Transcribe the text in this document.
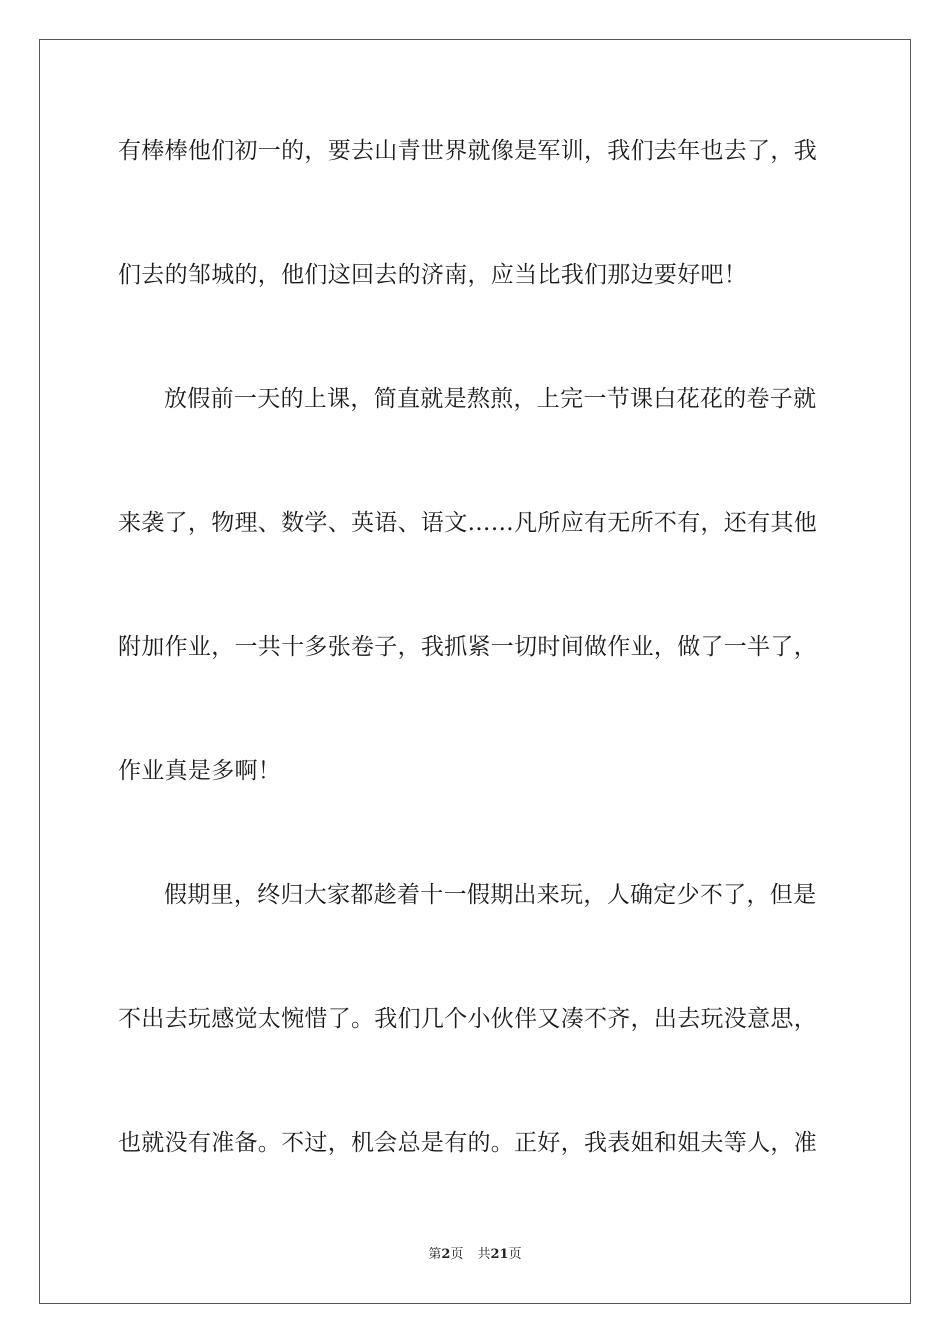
有棒棒他们初一的，要去山青世界就像是军训，我们去年也去了，我
们去的邹城的，他们这回去的济南，应当比我们那边要好吧！
放假前一天的上课，简直就是熬煎，上完一节课白花花的卷子就
来袭了，物理、数学、英语、语文……凡所应有无所不有，还有其他
附加作业，一共十多张卷子，我抓紧一切时间做作业，做了一半了，
作业真是多啊！
假期里，终归大家都趁着十一假期出来玩，人确定少不了，但是
不出去玩感觉太惋惜了。我们几个小伙伴又凑不齐，出去玩没意思，
也就没有准备。不过，机会总是有的。正好，我表姐和姐夫等人，准
第2页 共21页
